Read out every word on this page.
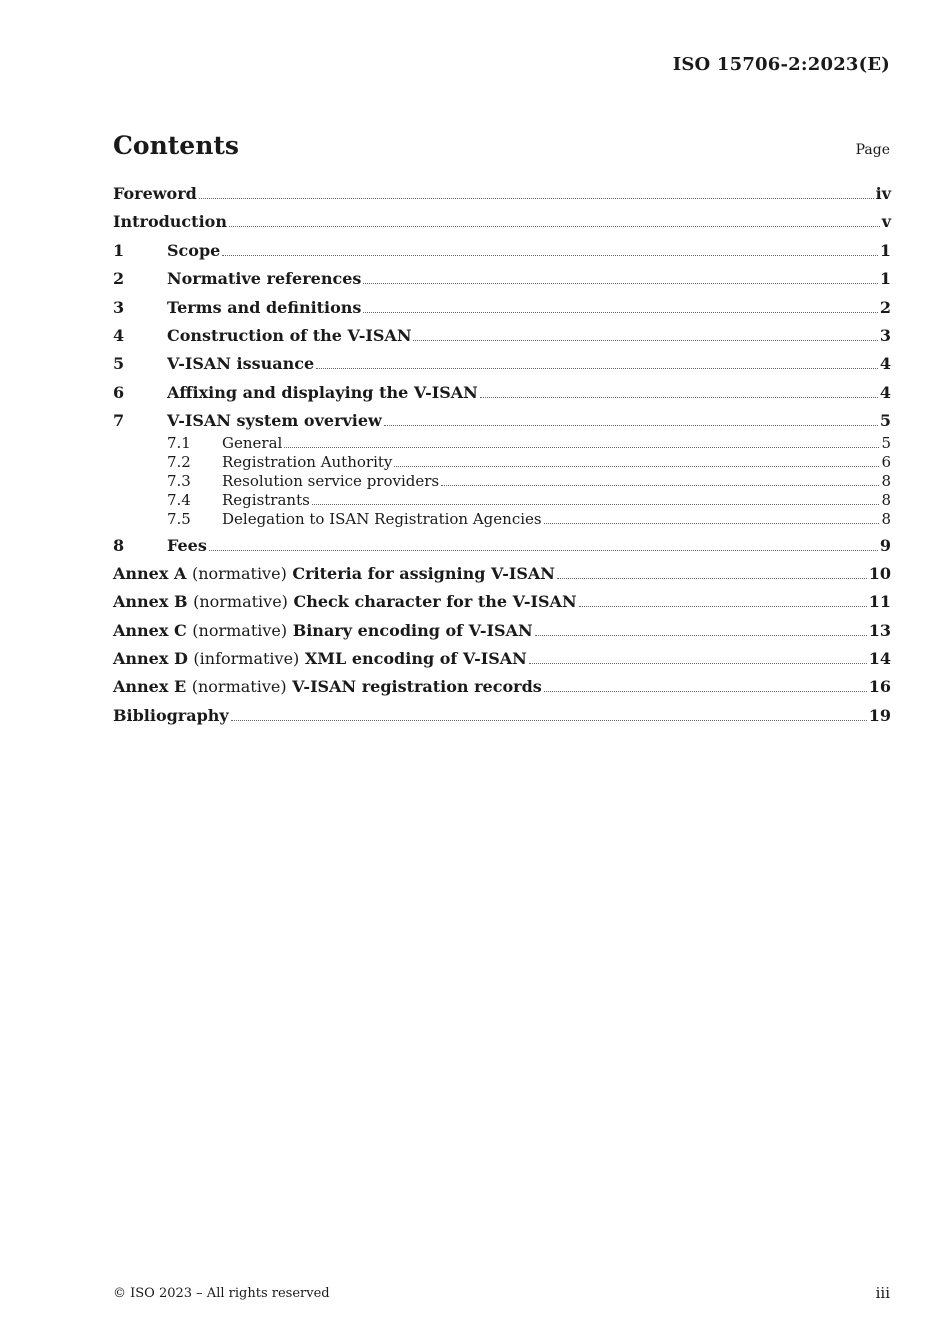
ISO 15706-2:2023(E)
Contents	Page
Foreword	iv
Introduction	v
1	Scope	1
2	Normative references	1
3	Terms and definitions	2
4	Construction of the V-ISAN	3
5	V-ISAN issuance	4
6	Affixing and displaying the V-ISAN	4
7	V-ISAN system overview	5
7.1	General	5
7.2	Registration Authority	6
7.3	Resolution service providers	8
7.4	Registrants	8
7.5	Delegation to ISAN Registration Agencies	8
8	Fees	9
Annex A (normative) Criteria for assigning V-ISAN	10
Annex B (normative) Check character for the V-ISAN	11
Annex C (normative) Binary encoding of V-ISAN	13
Annex D (informative) XML encoding of V-ISAN	14
Annex E (normative) V-ISAN registration records	16
Bibliography	19
© ISO 2023 – All rights reserved	iii
